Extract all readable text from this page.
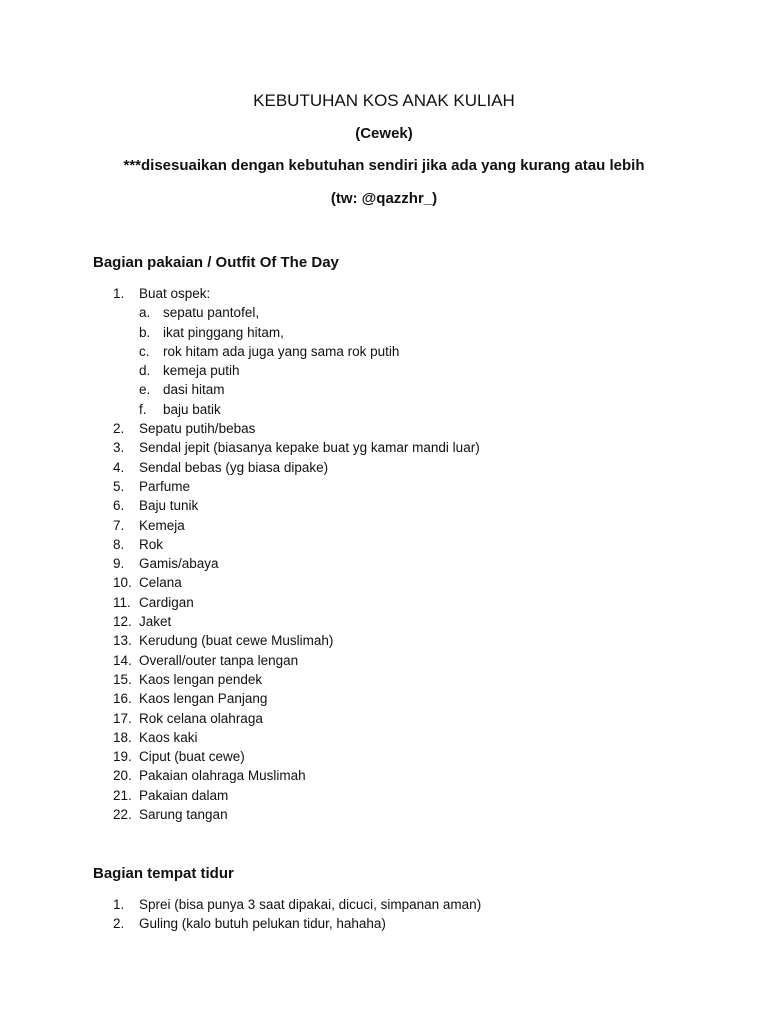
KEBUTUHAN KOS ANAK KULIAH
(Cewek)
***disesuaikan dengan kebutuhan sendiri jika ada yang kurang atau lebih
(tw: @qazzhr_)
Bagian pakaian / Outfit Of The Day
1.	Buat ospek:
a. sepatu pantofel,
b. ikat pinggang hitam,
c. rok hitam ada juga yang sama rok putih
d. kemeja putih
e. dasi hitam
f.	baju batik
2.	Sepatu putih/bebas
3.	Sendal jepit (biasanya kepake buat yg kamar mandi luar)
4.	Sendal bebas (yg biasa dipake)
5.	Parfume
6.	Baju tunik
7.	Kemeja
8.	Rok
9.	Gamis/abaya
10. Celana
11. Cardigan
12. Jaket
13. Kerudung (buat cewe Muslimah)
14. Overall/outer tanpa lengan
15. Kaos lengan pendek
16. Kaos lengan Panjang
17. Rok celana olahraga
18. Kaos kaki
19. Ciput (buat cewe)
20. Pakaian olahraga Muslimah
21. Pakaian dalam
22. Sarung tangan
Bagian tempat tidur
1.	Sprei (bisa punya 3 saat dipakai, dicuci, simpanan aman)
2.	Guling (kalo butuh pelukan tidur, hahaha)
